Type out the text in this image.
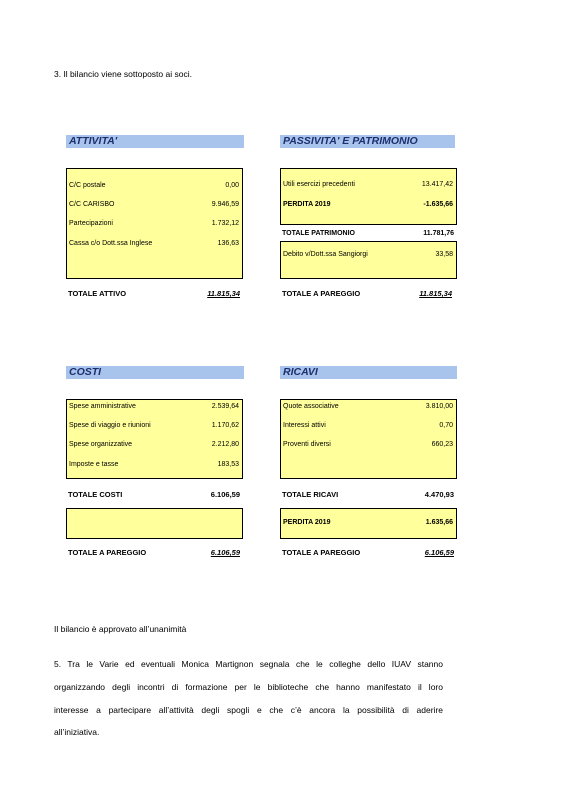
3. Il bilancio viene sottoposto ai soci.
ATTIVITA'	PASSIVITA' E PATRIMONIO
C/C postale	0,00
C/C CARISBO	9.946,59
Partecipazioni	1.732,12
Cassa c/o Dott.ssa Inglese	136,63
Utili esercizi precedenti	13.417,42
PERDITA 2019	-1.635,66
TOTALE PATRIMONIO	11.781,76
Debito v/Dott.ssa Sangiorgi	33,58
TOTALE ATTIVO	11.815,34	TOTALE A PAREGGIO	11.815,34
COSTI	RICAVI
Spese amministrative	2.539,64
Spese di viaggio e riunioni	1.170,62
Spese organizzative	2.212,80
Imposte e tasse	183,53
Quote associative	3.810,00
Interessi attivi	0,70
Proventi diversi	660,23
TOTALE COSTI	6.106,59	TOTALE RICAVI	4.470,93
PERDITA 2019	1.635,66
TOTALE A PAREGGIO	6.106,59	TOTALE A PAREGGIO	6.106,59
Il bilancio è approvato all’unanimità
5. Tra le Varie ed eventuali Monica Martignon segnala che le colleghe dello IUAV stanno
organizzando degli incontri di formazione per le biblioteche che hanno manifestato il loro
interesse a partecipare all’attività degli spogli e che c’è ancora la possibilità di aderire
all’iniziativa.
